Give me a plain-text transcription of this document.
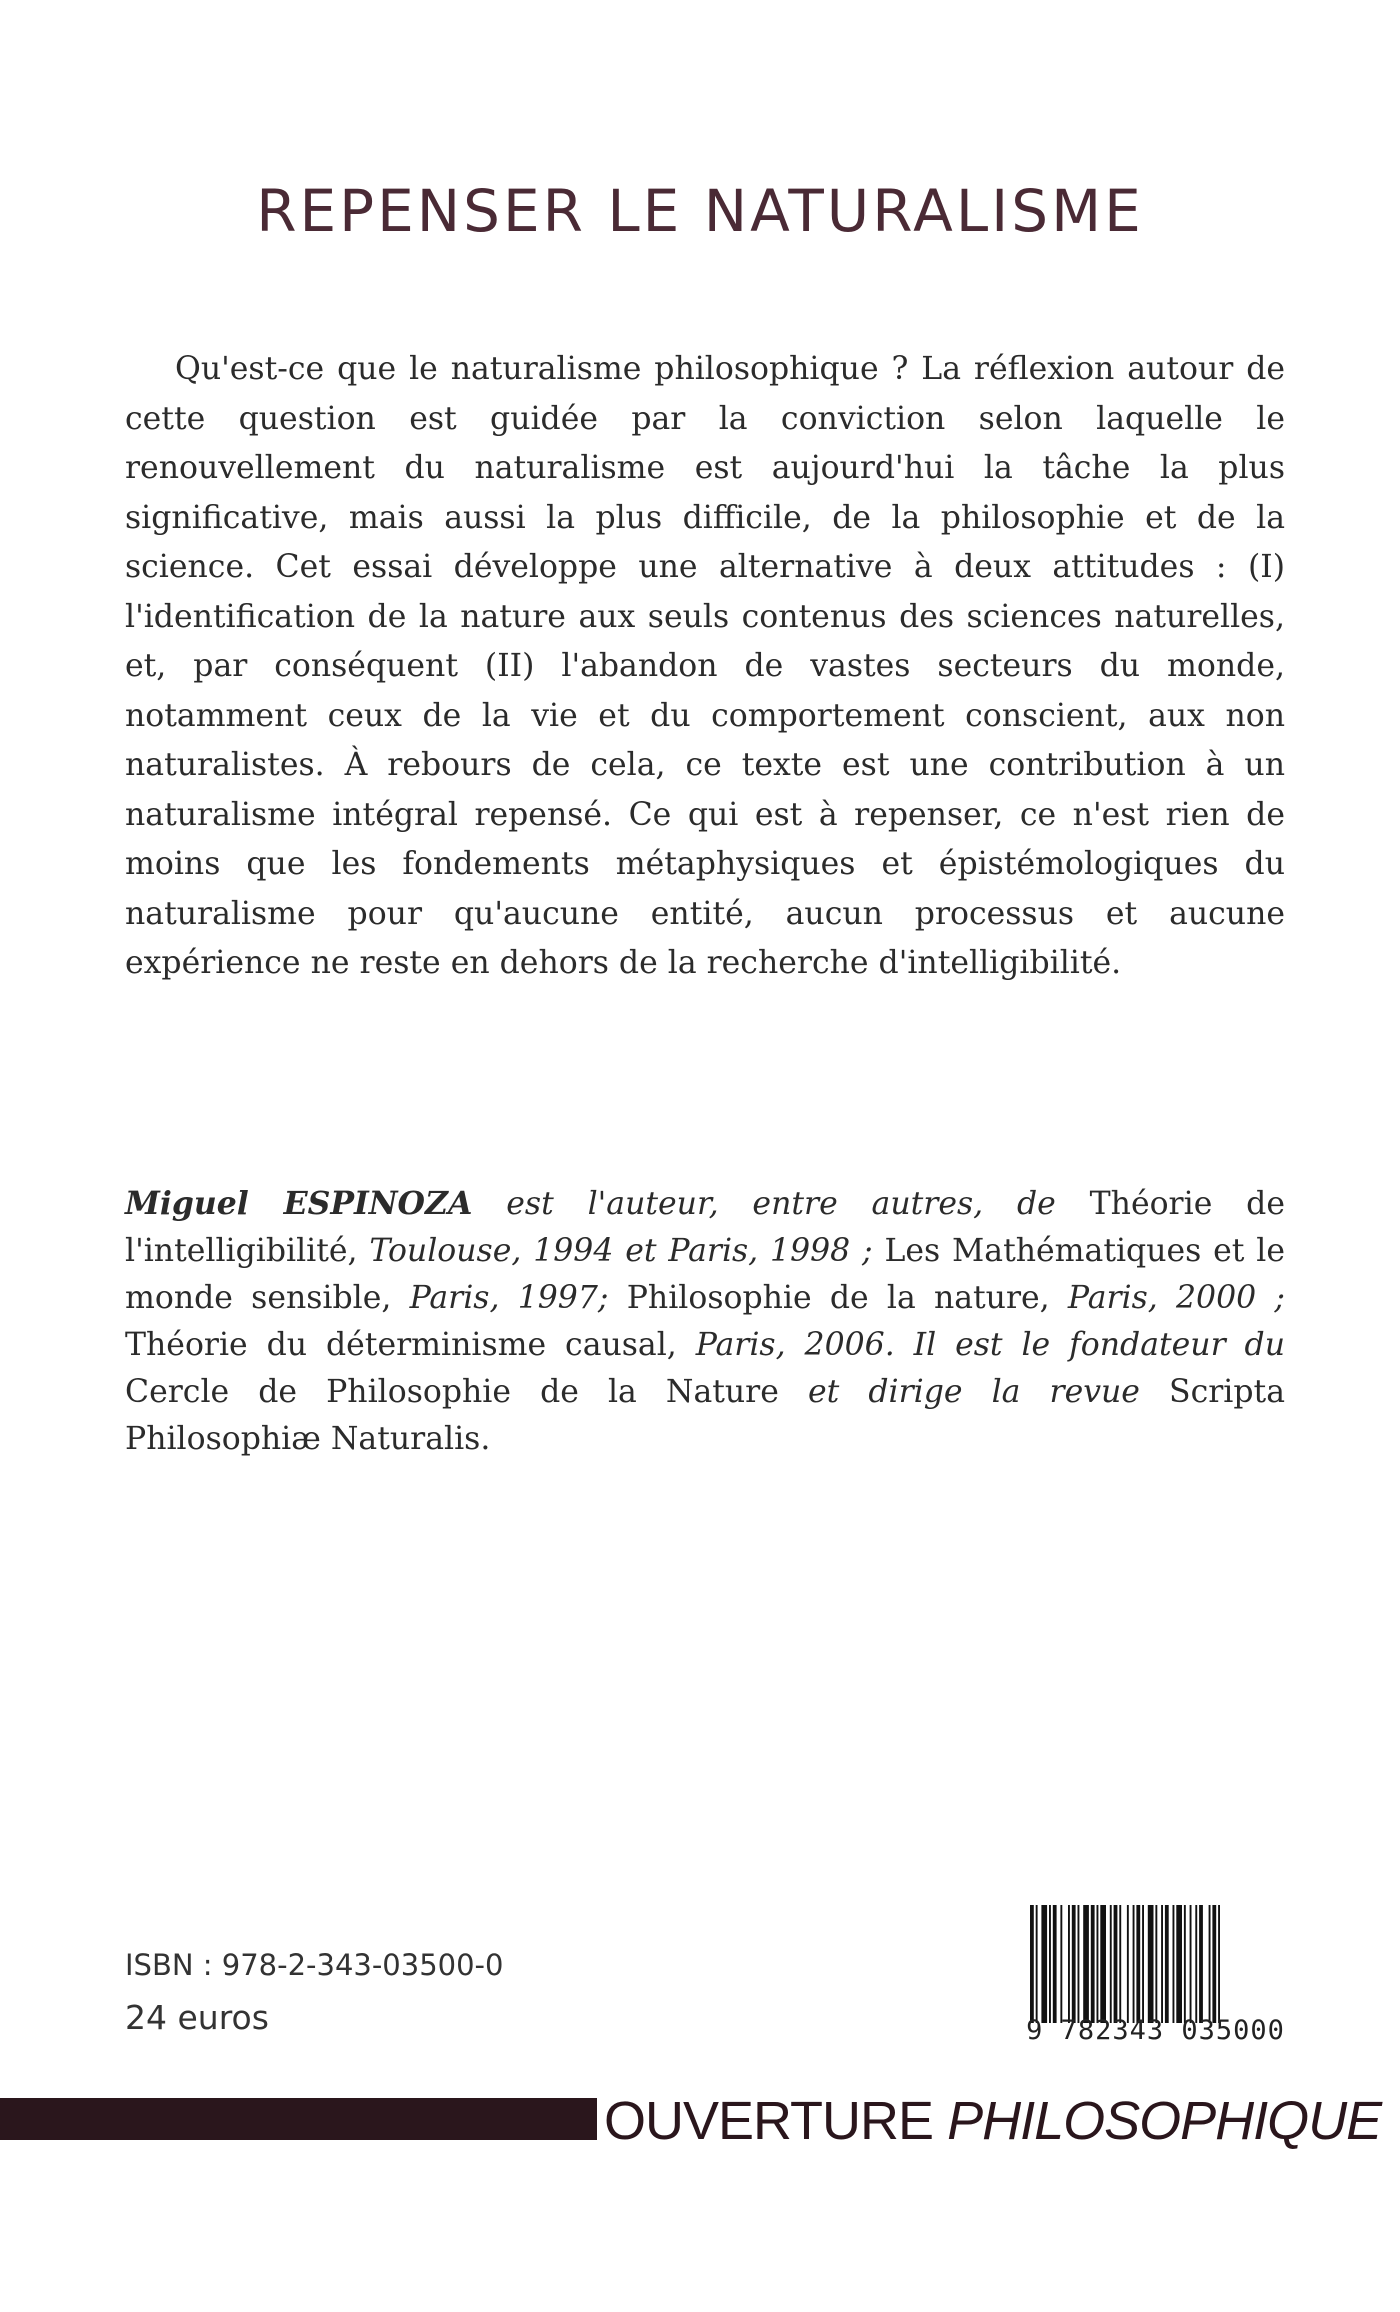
REPENSER LE NATURALISME

Qu'est-ce que le naturalisme philosophique ? La réflexion autour de cette question est guidée par la conviction selon laquelle le renouvellement du naturalisme est aujourd'hui la tâche la plus significative, mais aussi la plus difficile, de la philosophie et de la science. Cet essai développe une alternative à deux attitudes : (I) l'identification de la nature aux seuls contenus des sciences naturelles, et, par conséquent (II) l'abandon de vastes secteurs du monde, notamment ceux de la vie et du comportement conscient, aux non naturalistes. À rebours de cela, ce texte est une contribution à un naturalisme intégral repensé. Ce qui est à repenser, ce n'est rien de moins que les fondements métaphysiques et épistémologiques du naturalisme pour qu'aucune entité, aucun processus et aucune expérience ne reste en dehors de la recherche d'intelligibilité.

Miguel ESPINOZA est l'auteur, entre autres, de Théorie de l'intelligibilité, Toulouse, 1994 et Paris, 1998 ; Les Mathématiques et le monde sensible, Paris, 1997; Philosophie de la nature, Paris, 2000 ; Théorie du déterminisme causal, Paris, 2006. Il est le fondateur du Cercle de Philosophie de la Nature et dirige la revue Scripta Philosophiæ Naturalis.
ISBN : 978-2-343-03500-0
24 euros	9 782343 035000
OUVERTURE PHILOSOPHIQUE
